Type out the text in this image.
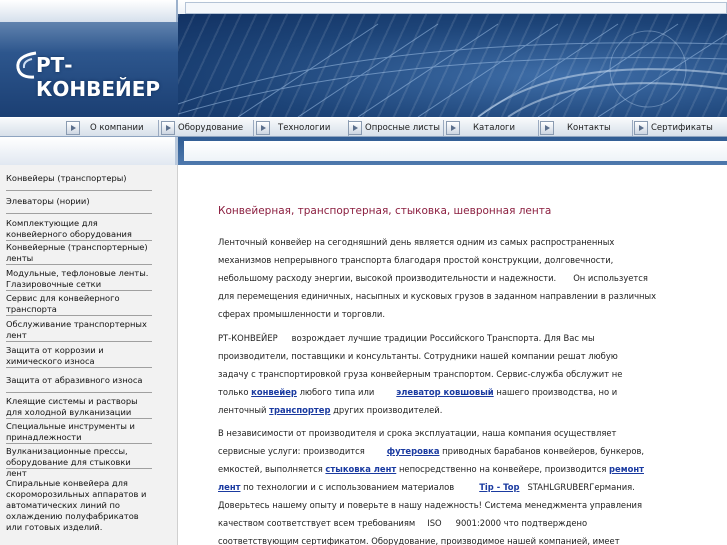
РТ-КОНВЕЙЕР
О компании	Оборудование	Технологии	Опросные листы	Каталоги	Контакты	Сертификаты
Конвейеры (транспортеры)
Элеваторы (нории)
Комплектующие для
конвейерного оборудования
Конвейерные (транспортерные)
ленты
Модульные, тефлоновые ленты.
Глазировочные сетки
Сервис для конвейерного
транспорта
Обслуживание транспортерных
лент
Защита от коррозии и
химического износа
Защита от абразивного износа
Клеящие системы и растворы
для холодной вулканизации
Специальные инструменты и
принадлежности
Вулканизационные прессы,
оборудование для стыковки лент
Спиральные конвейера для
скороморозильных аппаратов и
автоматических линий по
охлаждению полуфабрикатов
или готовых изделий.
Конвейерная, транспортерная, стыковка, шевронная лента
Ленточный конвейер на сегодняшний день является одним из самых распространенных
механизмов непрерывного транспорта благодаря простой конструкции, долговечности,
небольшому расходу энергии, высокой производительности и надежности. Он используется
для перемещения единичных, насыпных и кусковых грузов в заданном направлении в различных
сферах промышленности и торговли.
РТ-КОНВЕЙЕР возрождает лучшие традиции Российского Транспорта. Для Вас мы
производители, поставщики и консультанты. Сотрудники нашей компании решат любую
задачу с транспортировкой груза конвейерным транспортом. Сервис-служба обслужит не
только конвейер любого типа или	элеватор ковшовый нашего производства, но и
ленточный транспортер других производителей.
В независимости от производителя и срока эксплуатации, наша компания осуществляет
сервисные услуги: производится	футеровка приводных барабанов конвейеров, бункеров,
емкостей, выполняется стыковка лент непосредственно на конвейере, производится ремонт
лент по технологии и с использованием материалов	Tip - Top STAHLGRUBERГермания.
Доверьтесь нашему опыту и поверьте в нашу надежность! Система менеджмента управления
качеством соответствует всем требованиям ISO 9001:2000 что подтверждено
соответствующим сертификатом. Оборудование, производимое нашей компанией, имеет
